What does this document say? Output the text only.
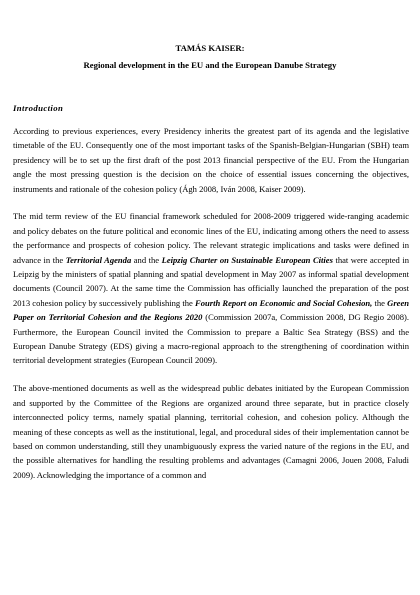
TAMÁS KAISER:
Regional development in the EU and the European Danube Strategy
Introduction

According to previous experiences, every Presidency inherits the greatest part of its agenda and the legislative timetable of the EU. Consequently one of the most important tasks of the Spanish-Belgian-Hungarian (SBH) team presidency will be to set up the first draft of the post 2013 financial perspective of the EU. From the Hungarian angle the most pressing question is the decision on the choice of essential issues concerning the objectives, instruments and rationale of the cohesion policy (Ágh 2008, Iván 2008, Kaiser 2009).

The mid term review of the EU financial framework scheduled for 2008-2009 triggered wide-ranging academic and policy debates on the future political and economic lines of the EU, indicating among others the need to assess the performance and prospects of cohesion policy. The relevant strategic implications and tasks were defined in advance in the Territorial Agenda and the Leipzig Charter on Sustainable European Cities that were accepted in Leipzig by the ministers of spatial planning and spatial development in May 2007 as informal spatial development documents (Council 2007). At the same time the Commission has officially launched the preparation of the post 2013 cohesion policy by successively publishing the Fourth Report on Economic and Social Cohesion, the Green Paper on Territorial Cohesion and the Regions 2020 (Commission 2007a, Commission 2008, DG Regio 2008). Furthermore, the European Council invited the Commission to prepare a Baltic Sea Strategy (BSS) and the European Danube Strategy (EDS) giving a macro-regional approach to the strengthening of coordination within territorial development strategies (European Council 2009).

The above-mentioned documents as well as the widespread public debates initiated by the European Commission and supported by the Committee of the Regions are organized around three separate, but in practice closely interconnected policy terms, namely spatial planning, territorial cohesion, and cohesion policy. Although the meaning of these concepts as well as the institutional, legal, and procedural sides of their implementation cannot be based on common understanding, still they unambiguously express the varied nature of the regions in the EU, and the possible alternatives for handling the resulting problems and advantages (Camagni 2006, Jouen 2008, Faludi 2009). Acknowledging the importance of a common and
